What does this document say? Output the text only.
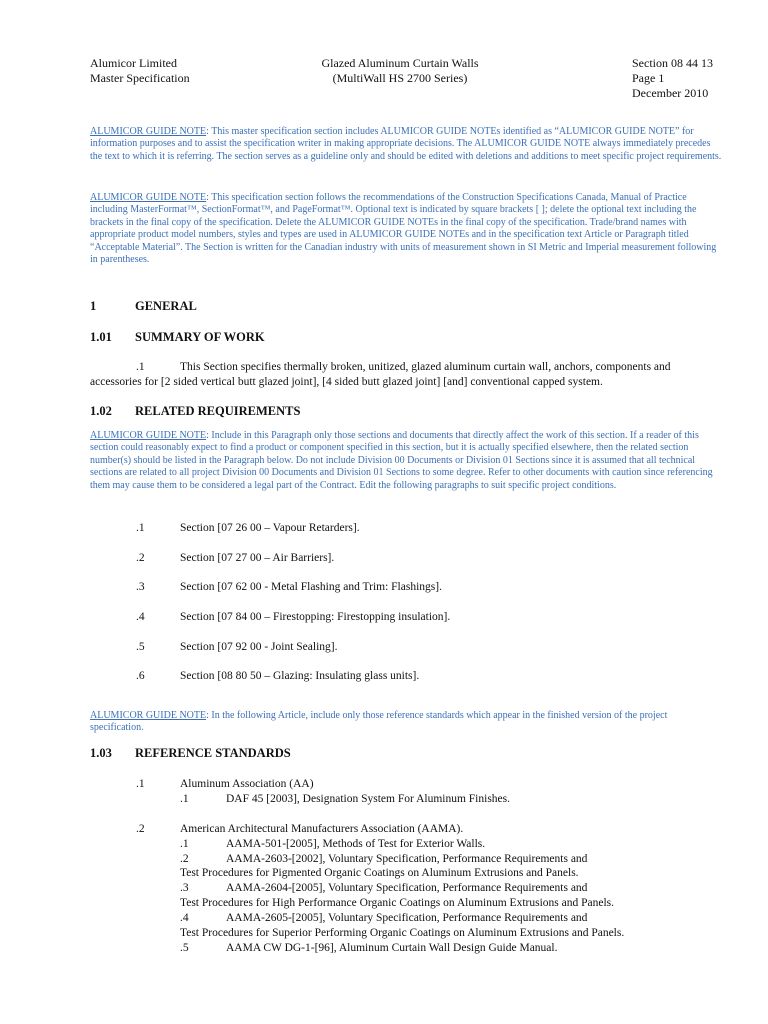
Alumicor Limited
Master Specification
Glazed Aluminum Curtain Walls
(MultiWall HS 2700 Series)
Section 08 44 13
Page 1
December 2010

ALUMICOR GUIDE NOTE: This master specification section includes ALUMICOR GUIDE NOTEs identified as “ALUMICOR GUIDE NOTE” for information purposes and to assist the specification writer in making appropriate decisions. The ALUMICOR GUIDE NOTE always immediately precedes the text to which it is referring. The section serves as a guideline only and should be edited with deletions and additions to meet specific project requirements.

ALUMICOR GUIDE NOTE: This specification section follows the recommendations of the Construction Specifications Canada, Manual of Practice including MasterFormat™, SectionFormat™, and PageFormat™. Optional text is indicated by square brackets [ ]; delete the optional text including the brackets in the final copy of the specification. Delete the ALUMICOR GUIDE NOTEs in the final copy of the specification. Trade/brand names with appropriate product model numbers, styles and types are used in ALUMICOR GUIDE NOTEs and in the specification text Article or Paragraph titled “Acceptable Material”. The Section is written for the Canadian industry with units of measurement shown in SI Metric and Imperial measurement following in parentheses.

1	GENERAL

1.01 SUMMARY OF WORK

.1	This Section specifies thermally broken, unitized, glazed aluminum curtain wall, anchors, components and accessories for [2 sided vertical butt glazed joint], [4 sided butt glazed joint] [and] conventional capped system.

1.02 RELATED REQUIREMENTS

ALUMICOR GUIDE NOTE: Include in this Paragraph only those sections and documents that directly affect the work of this section. If a reader of this section could reasonably expect to find a product or component specified in this section, but it is actually specified elsewhere, then the related section number(s) should be listed in the Paragraph below. Do not include Division 00 Documents or Division 01 Sections since it is assumed that all technical sections are related to all project Division 00 Documents and Division 01 Sections to some degree. Refer to other documents with caution since referencing them may cause them to be considered a legal part of the Contract. Edit the following paragraphs to suit specific project conditions.

.1	Section [07 26 00 – Vapour Retarders].
.2	Section [07 27 00 – Air Barriers].
.3	Section [07 62 00 - Metal Flashing and Trim: Flashings].
.4	Section [07 84 00 – Firestopping: Firestopping insulation].
.5	Section [07 92 00 - Joint Sealing].
.6	Section [08 80 50 – Glazing: Insulating glass units].

ALUMICOR GUIDE NOTE: In the following Article, include only those reference standards which appear in the finished version of the project specification.

1.03 REFERENCE STANDARDS

.1	Aluminum Association (AA)
.1	DAF 45 [2003], Designation System For Aluminum Finishes.
.2	American Architectural Manufacturers Association (AAMA).
.1	AAMA-501-[2005], Methods of Test for Exterior Walls.
.2	AAMA-2603-[2002], Voluntary Specification, Performance Requirements and
Test Procedures for Pigmented Organic Coatings on Aluminum Extrusions and Panels.
.3	AAMA-2604-[2005], Voluntary Specification, Performance Requirements and
Test Procedures for High Performance Organic Coatings on Aluminum Extrusions and Panels.
.4	AAMA-2605-[2005], Voluntary Specification, Performance Requirements and
Test Procedures for Superior Performing Organic Coatings on Aluminum Extrusions and Panels.
.5	AAMA CW DG-1-[96], Aluminum Curtain Wall Design Guide Manual.
